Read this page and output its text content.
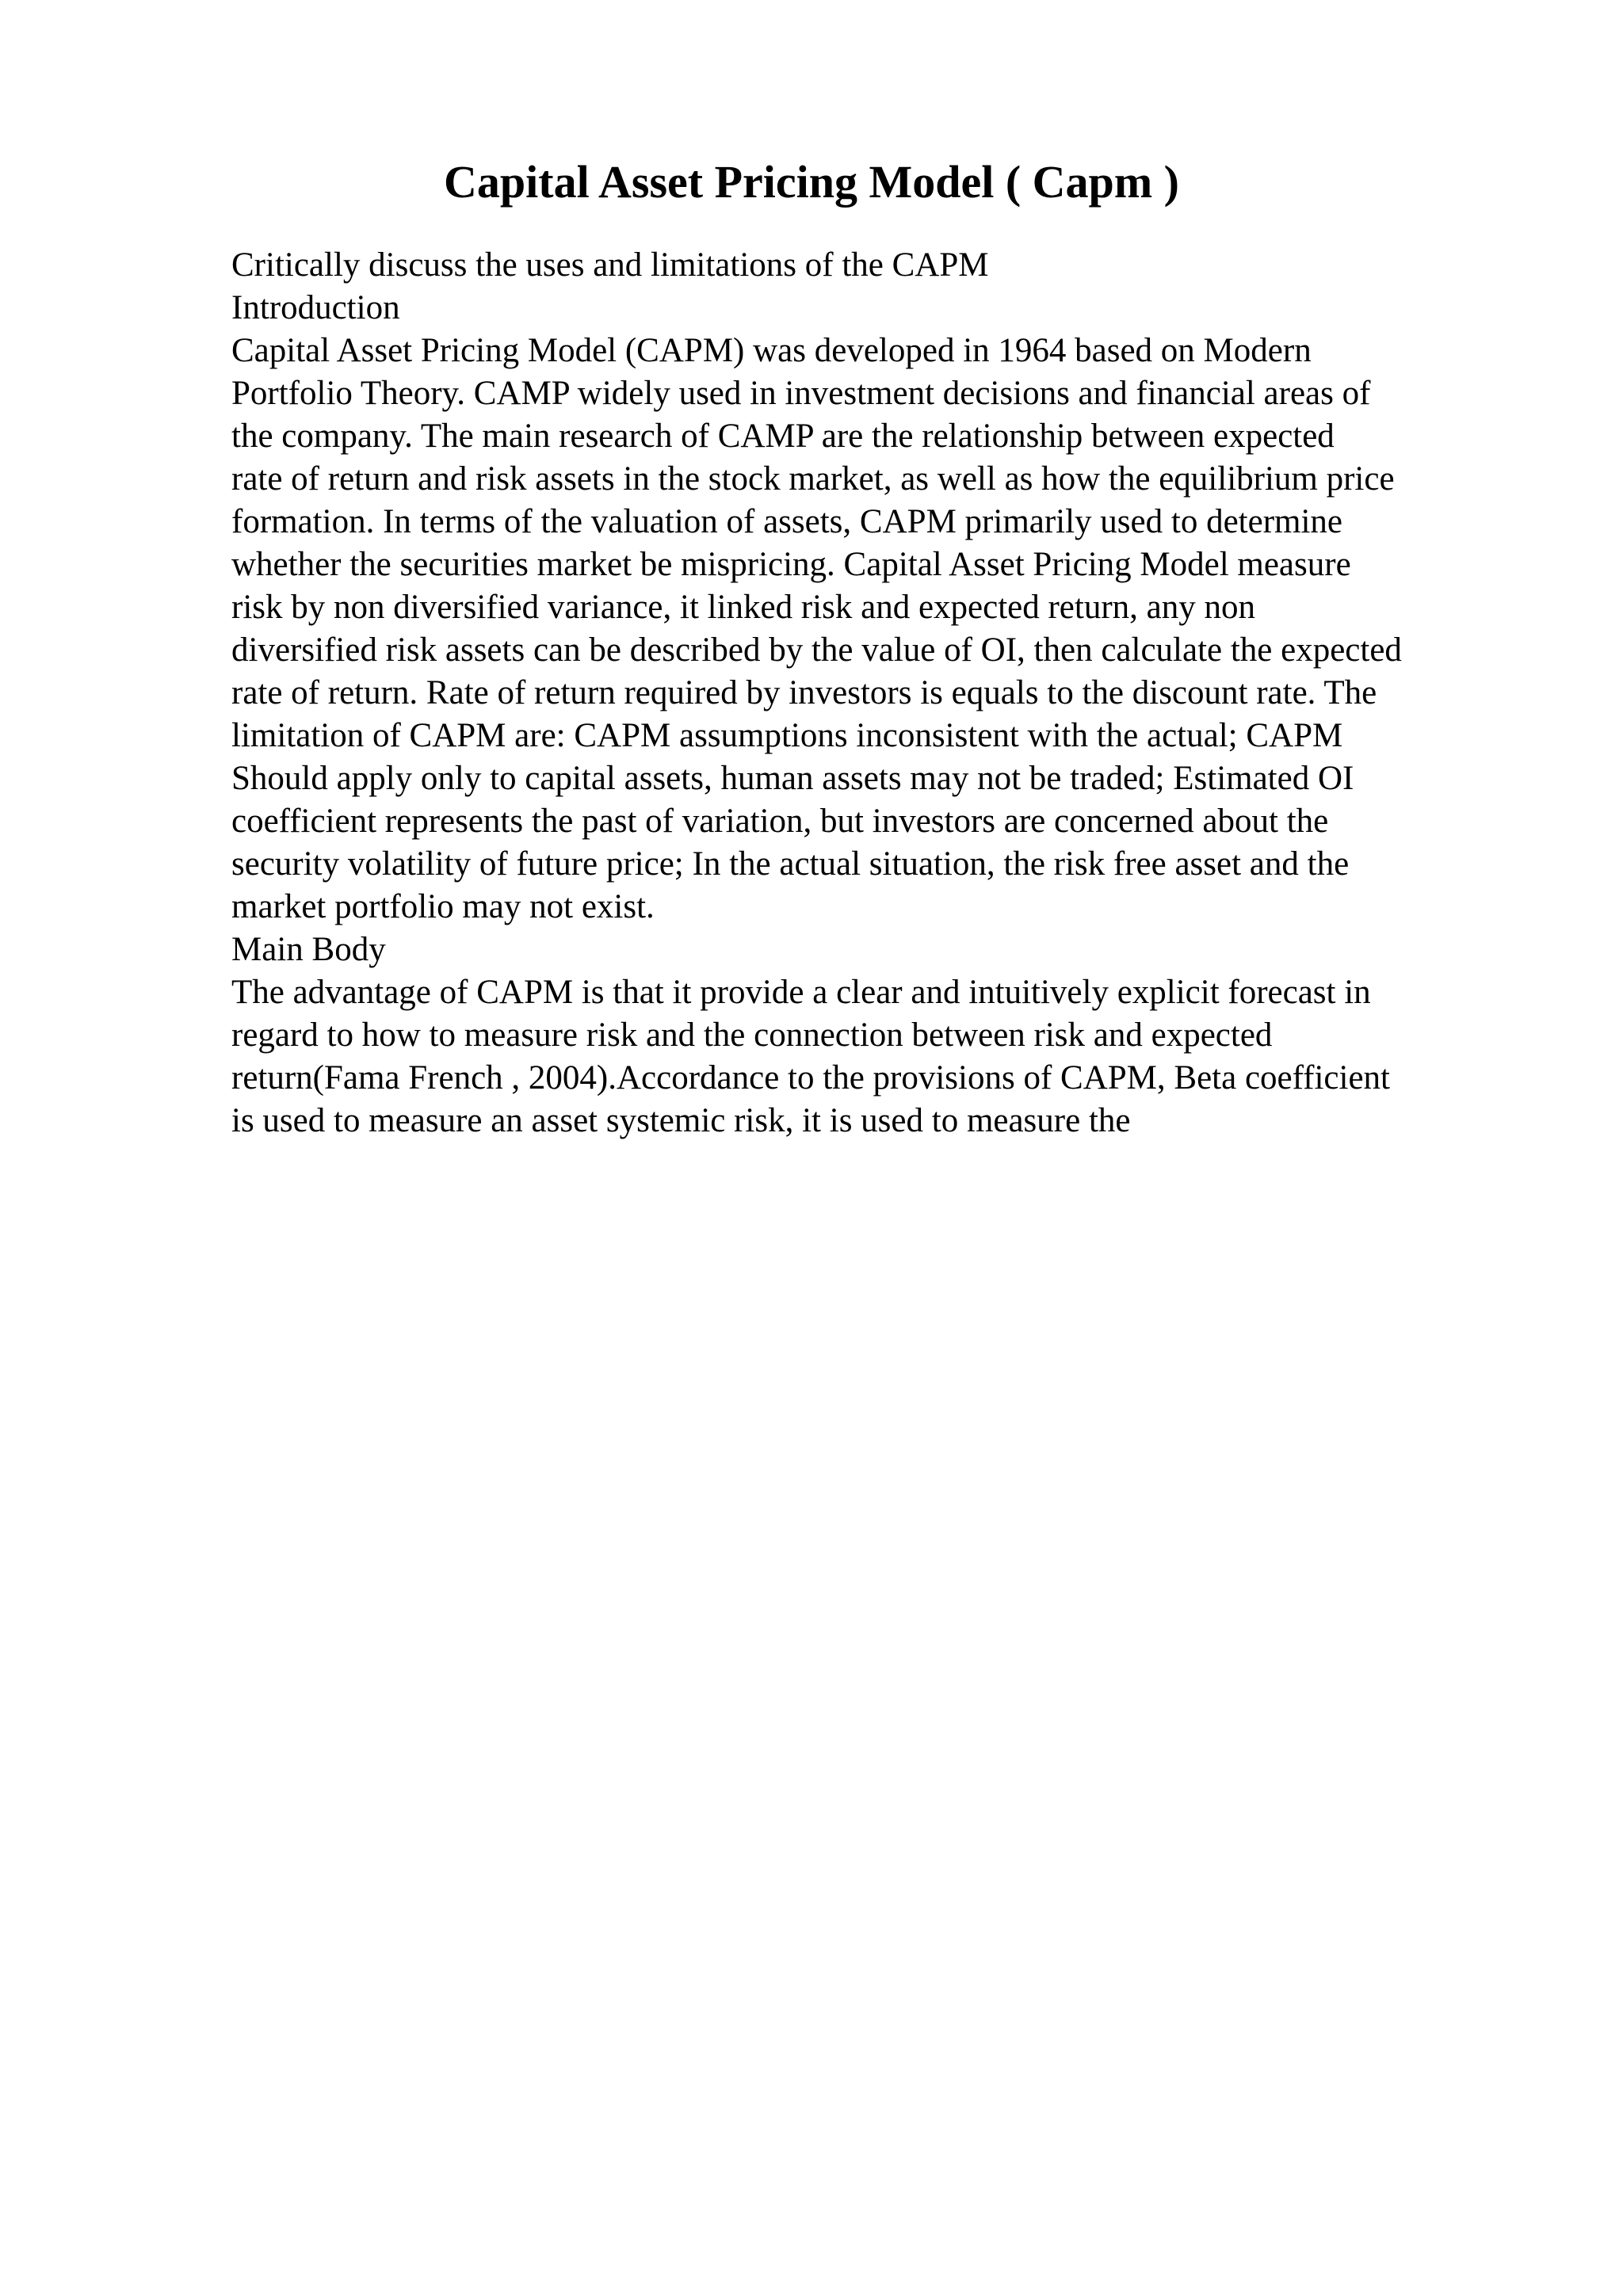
Capital Asset Pricing Model ( Capm )
Critically discuss the uses and limitations of the CAPM
Introduction
Capital Asset Pricing Model (CAPM) was developed in 1964 based on Modern
Portfolio Theory. CAMP widely used in investment decisions and financial areas of
the company. The main research of CAMP are the relationship between expected
rate of return and risk assets in the stock market, as well as how the equilibrium price
formation. In terms of the valuation of assets, CAPM primarily used to determine
whether the securities market be mispricing. Capital Asset Pricing Model measure
risk by non diversified variance, it linked risk and expected return, any non
diversified risk assets can be described by the value of OI, then calculate the expected
rate of return. Rate of return required by investors is equals to the discount rate. The
limitation of CAPM are: CAPM assumptions inconsistent with the actual; CAPM
Should apply only to capital assets, human assets may not be traded; Estimated OI
coefficient represents the past of variation, but investors are concerned about the
security volatility of future price; In the actual situation, the risk free asset and the
market portfolio may not exist.
Main Body
The advantage of CAPM is that it provide a clear and intuitively explicit forecast in
regard to how to measure risk and the connection between risk and expected
return(Fama French , 2004).Accordance to the provisions of CAPM, Beta coefficient
is used to measure an asset systemic risk, it is used to measure the
